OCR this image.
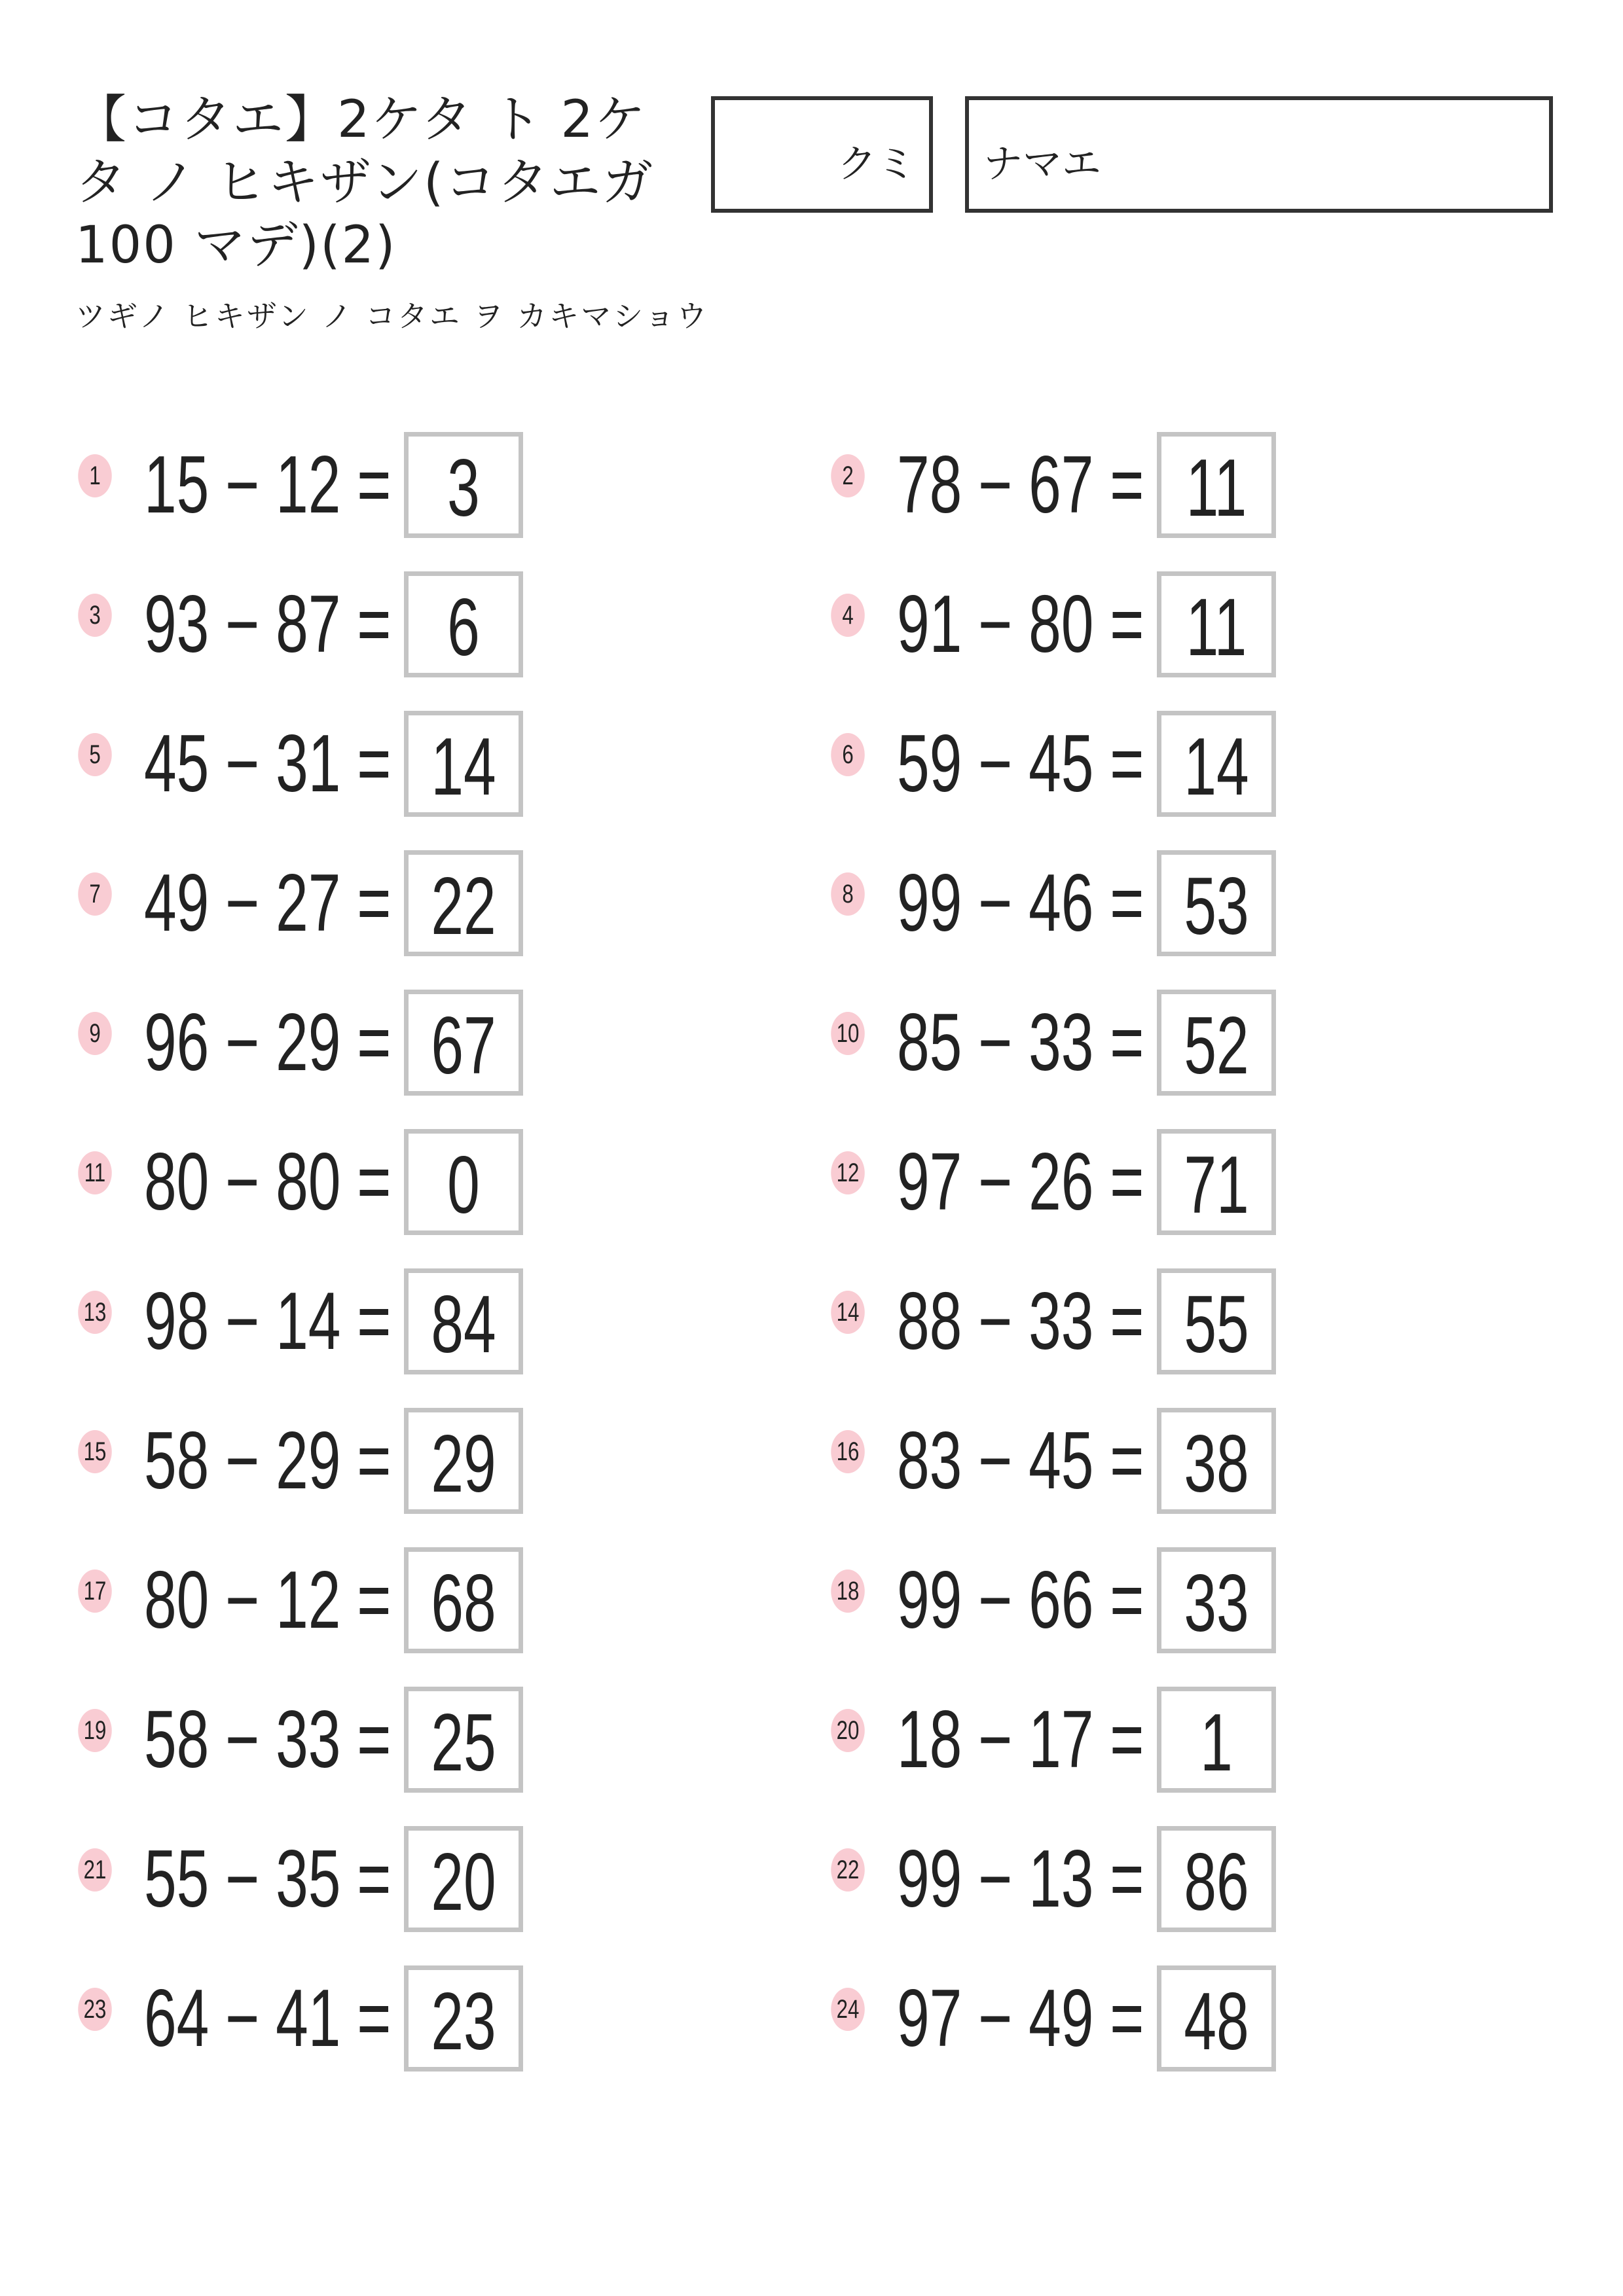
【コタエ】2ケタ ト 2ケタ ノ ヒキザン(コタエガ 100 マデ)(2)
ツギノ ヒキザン ノ コタエ ヲ カキマショウ
クミ ナマエ
1 15 − 12 = 3	2 78 − 67 = 11
3 93 − 87 = 6	4 91 − 80 = 11
5 45 − 31 = 14	6 59 − 45 = 14
7 49 − 27 = 22	8 99 − 46 = 53
9 96 − 29 = 67	10 85 − 33 = 52
11 80 − 80 = 0	12 97 − 26 = 71
13 98 − 14 = 84	14 88 − 33 = 55
15 58 − 29 = 29	16 83 − 45 = 38
17 80 − 12 = 68	18 99 − 66 = 33
19 58 − 33 = 25	20 18 − 17 = 1
21 55 − 35 = 20	22 99 − 13 = 86
23 64 − 41 = 23	24 97 − 49 = 48
